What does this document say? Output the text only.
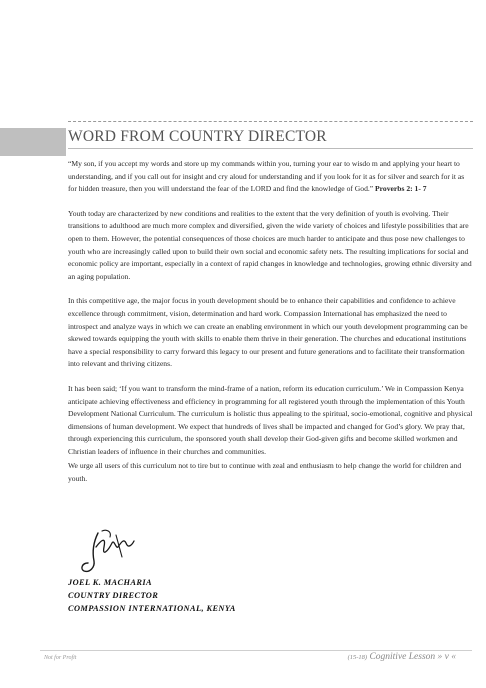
WORD FROM COUNTRY DIRECTOR

“My son, if you accept my words and store up my commands within you, turning your ear to wisdo m and applying your heart to understanding, and if you call out for insight and cry aloud for understanding and if you look for it as for silver and search for it as for hidden treasure, then you will understand the fear of the LORD and find the knowledge of God.” Proverbs 2: 1- 7

Youth today are characterized by new conditions and realities to the extent that the very definition of youth is evolving. Their transitions to adulthood are much more complex and diversified, given the wide variety of choices and lifestyle possibilities that are open to them. However, the potential consequences of those choices are much harder to anticipate and thus pose new challenges to youth who are increasingly called upon to build their own social and economic safety nets. The resulting implications for social and economic policy are important, especially in a context of rapid changes in knowledge and technologies, growing ethnic diversity and an aging population.

In this competitive age, the major focus in youth development should be to enhance their capabilities and confidence to achieve excellence through commitment, vision, determination and hard work. Compassion International has emphasized the need to introspect and analyze ways in which we can create an enabling environment in which our youth development programming can be skewed towards equipping the youth with skills to enable them thrive in their generation. The churches and educational institutions have a special responsibility to carry forward this legacy to our present and future generations and to facilitate their transformation into relevant and thriving citizens.

It has been said; ‘If you want to transform the mind-frame of a nation, reform its education curriculum.’ We in Compassion Kenya anticipate achieving effectiveness and efficiency in programming for all registered youth through the implementation of this Youth Development National Curriculum. The curriculum is holistic thus appealing to the spiritual, socio-emotional, cognitive and physical dimensions of human development. We expect that hundreds of lives shall be impacted and changed for God’s glory. We pray that, through experiencing this curriculum, the sponsored youth shall develop their God-given gifts and become skilled workmen and Christian leaders of influence in their churches and communities.

We urge all users of this curriculum not to tire but to continue with zeal and enthusiasm to help change the world for children and youth.

JOEL K. MACHARIA
COUNTRY DIRECTOR
COMPASSION INTERNATIONAL, KENYA
Not for Profit	(15-18) Cognitive Lesson » v «
